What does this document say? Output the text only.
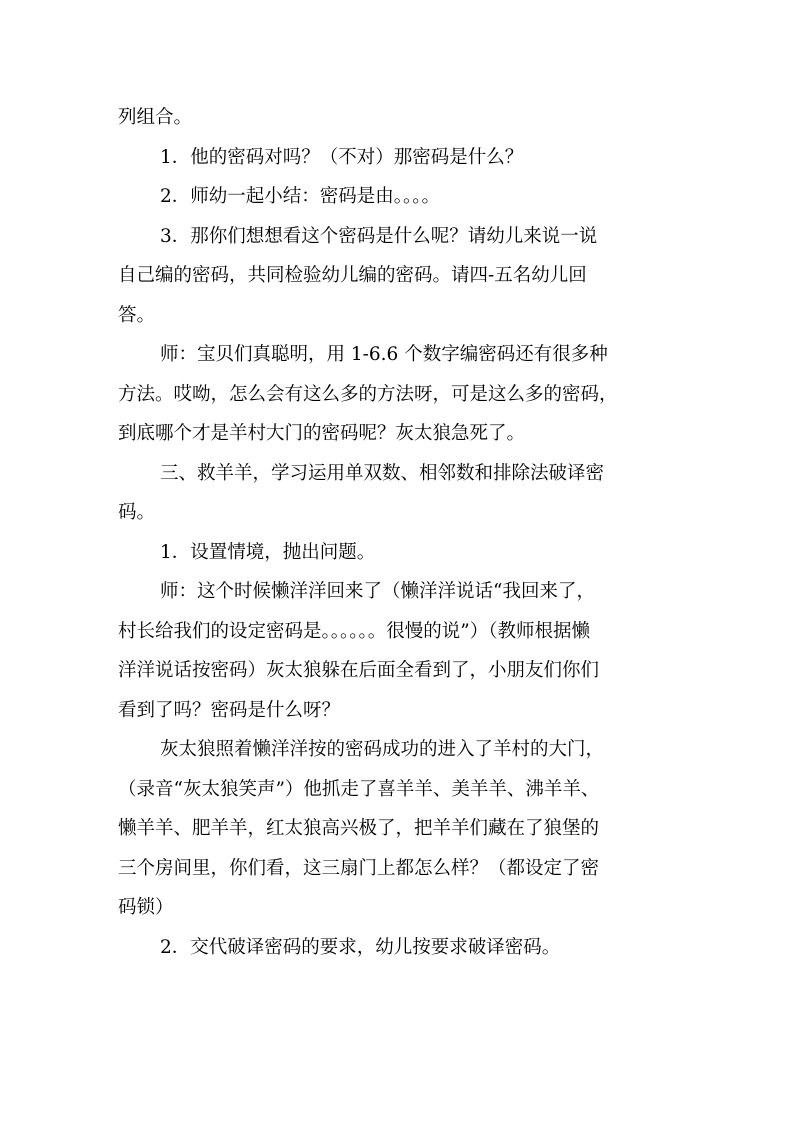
列组合。
1．他的密码对吗？（不对）那密码是什么？
2．师幼一起小结：密码是由。。。。
3．那你们想想看这个密码是什么呢？请幼儿来说一说
自己编的密码，共同检验幼儿编的密码。请四-五名幼儿回
答。
师：宝贝们真聪明，用 1-6.6 个数字编密码还有很多种
方法。哎呦，怎么会有这么多的方法呀，可是这么多的密码，
到底哪个才是羊村大门的密码呢？灰太狼急死了。
三、救羊羊，学习运用单双数、相邻数和排除法破译密
码。
1．设置情境，抛出问题。
师：这个时候懒洋洋回来了（懒洋洋说话“我回来了，
村长给我们的设定密码是。。。。。。很慢的说”）（教师根据懒
洋洋说话按密码）灰太狼躲在后面全看到了，小朋友们你们
看到了吗？密码是什么呀？
灰太狼照着懒洋洋按的密码成功的进入了羊村的大门，
（录音“灰太狼笑声”）他抓走了喜羊羊、美羊羊、沸羊羊、
懒羊羊、肥羊羊，红太狼高兴极了，把羊羊们藏在了狼堡的
三个房间里，你们看，这三扇门上都怎么样？（都设定了密
码锁）
2．交代破译密码的要求，幼儿按要求破译密码。
